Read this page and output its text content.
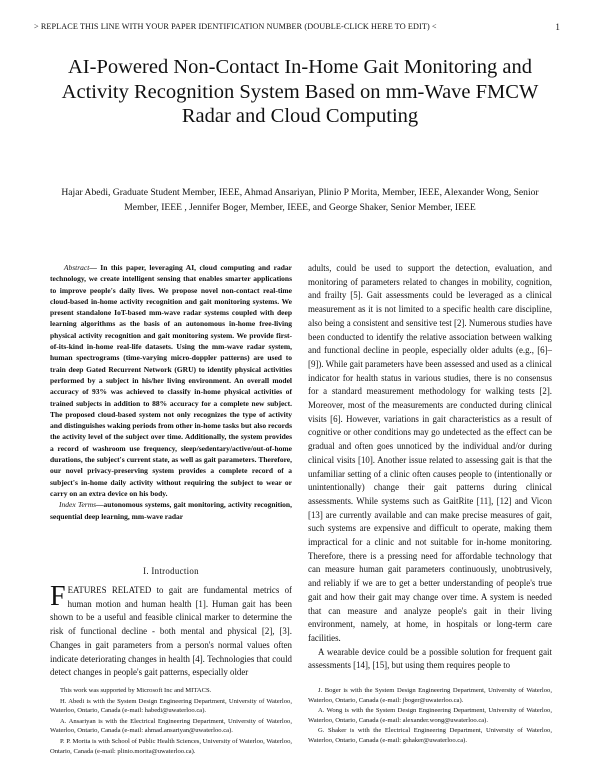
> REPLACE THIS LINE WITH YOUR PAPER IDENTIFICATION NUMBER (DOUBLE-CLICK HERE TO EDIT) <	1
AI-Powered Non-Contact In-Home Gait Monitoring and Activity Recognition System Based on mm-Wave FMCW Radar and Cloud Computing
Hajar Abedi, Graduate Student Member, IEEE, Ahmad Ansariyan, Plinio P Morita, Member, IEEE, Alexander Wong, Senior Member, IEEE , Jennifer Boger, Member, IEEE, and George Shaker, Senior Member, IEEE

Abstract— In this paper, leveraging AI, cloud computing and radar technology, we create intelligent sensing that enables smarter applications to improve people's daily lives. We propose novel non-contact real-time cloud-based in-home activity recognition and gait monitoring systems. We present standalone IoT-based mm-wave radar systems coupled with deep learning algorithms as the basis of an autonomous in-home free-living physical activity recognition and gait monitoring system. We provide first-of-its-kind in-home real-life datasets. Using the mm-wave radar system, human spectrograms (time-varying micro-doppler patterns) are used to train deep Gated Recurrent Network (GRU) to identify physical activities performed by a subject in his/her living environment. An overall model accuracy of 93% was achieved to classify in-home physical activities of trained subjects in addition to 88% accuracy for a complete new subject. The proposed cloud-based system not only recognizes the type of activity and distinguishes waking periods from other in-home tasks but also records the activity level of the subject over time. Additionally, the system provides a record of washroom use frequency, sleep/sedentary/active/out-of-home durations, the subject's current state, as well as gait parameters. Therefore, our novel privacy-preserving system provides a complete record of a subject's in-home daily activity without requiring the subject to wear or carry on an extra device on his body.

Index Terms—autonomous systems, gait monitoring, activity recognition, sequential deep learning, mm-wave radar

I. Introduction

FEATURES RELATED to gait are fundamental metrics of human motion and human health [1]. Human gait has been shown to be a useful and feasible clinical marker to determine the risk of functional decline - both mental and physical [2], [3]. Changes in gait parameters from a person's normal values often indicate deteriorating changes in health [4]. Technologies that could detect changes in people's gait patterns, especially older

This work was supported by Microsoft Inc and MITACS.

H. Abedi is with the System Design Engineering Department, University of Waterloo, Waterloo, Ontario, Canada (e-mail: habedi@uwaterloo.ca).

A. Ansariyan is with the Electrical Engineering Department, University of Waterloo, Waterloo, Ontario, Canada (e-mail: ahmad.ansariyan@uwaterloo.ca).

P. P. Morita is with School of Public Health Sciences, University of Waterloo, Waterloo, Ontario, Canada (e-mail: plinio.morita@uwaterloo.ca).

adults, could be used to support the detection, evaluation, and monitoring of parameters related to changes in mobility, cognition, and frailty [5]. Gait assessments could be leveraged as a clinical measurement as it is not limited to a specific health care discipline, also being a consistent and sensitive test [2]. Numerous studies have been conducted to identify the relative association between walking and functional decline in people, especially older adults (e.g., [6]–[9]). While gait parameters have been assessed and used as a clinical indicator for health status in various studies, there is no consensus for a standard measurement methodology for walking tests [2]. Moreover, most of the measurements are conducted during clinical visits [6]. However, variations in gait characteristics as a result of cognitive or other conditions may go undetected as the effect can be gradual and often goes unnoticed by the individual and/or during clinical visits [10]. Another issue related to assessing gait is that the unfamiliar setting of a clinic often causes people to (intentionally or unintentionally) change their gait patterns during clinical assessments. While systems such as GaitRite [11], [12] and Vicon [13] are currently available and can make precise measures of gait, such systems are expensive and difficult to operate, making them impractical for a clinic and not suitable for in-home monitoring. Therefore, there is a pressing need for affordable technology that can measure human gait parameters continuously, unobtrusively, and reliably if we are to get a better understanding of people's true gait and how their gait may change over time. A system is needed that can measure and analyze people's gait in their living environment, namely, at home, in hospitals or long-term care facilities.

A wearable device could be a possible solution for frequent gait assessments [14], [15], but using them requires people to

J. Boger is with the System Design Engineering Department, University of Waterloo, Waterloo, Ontario, Canada (e-mail: jboger@uwaterloo.ca).

A. Wong is with the System Design Engineering Department, University of Waterloo, Waterloo, Ontario, Canada (e-mail: alexander.wong@uwaterloo.ca).

G. Shaker is with the Electrical Engineering Department, University of Waterloo, Waterloo, Ontario, Canada (e-mail: gshaker@uwaterloo.ca).
